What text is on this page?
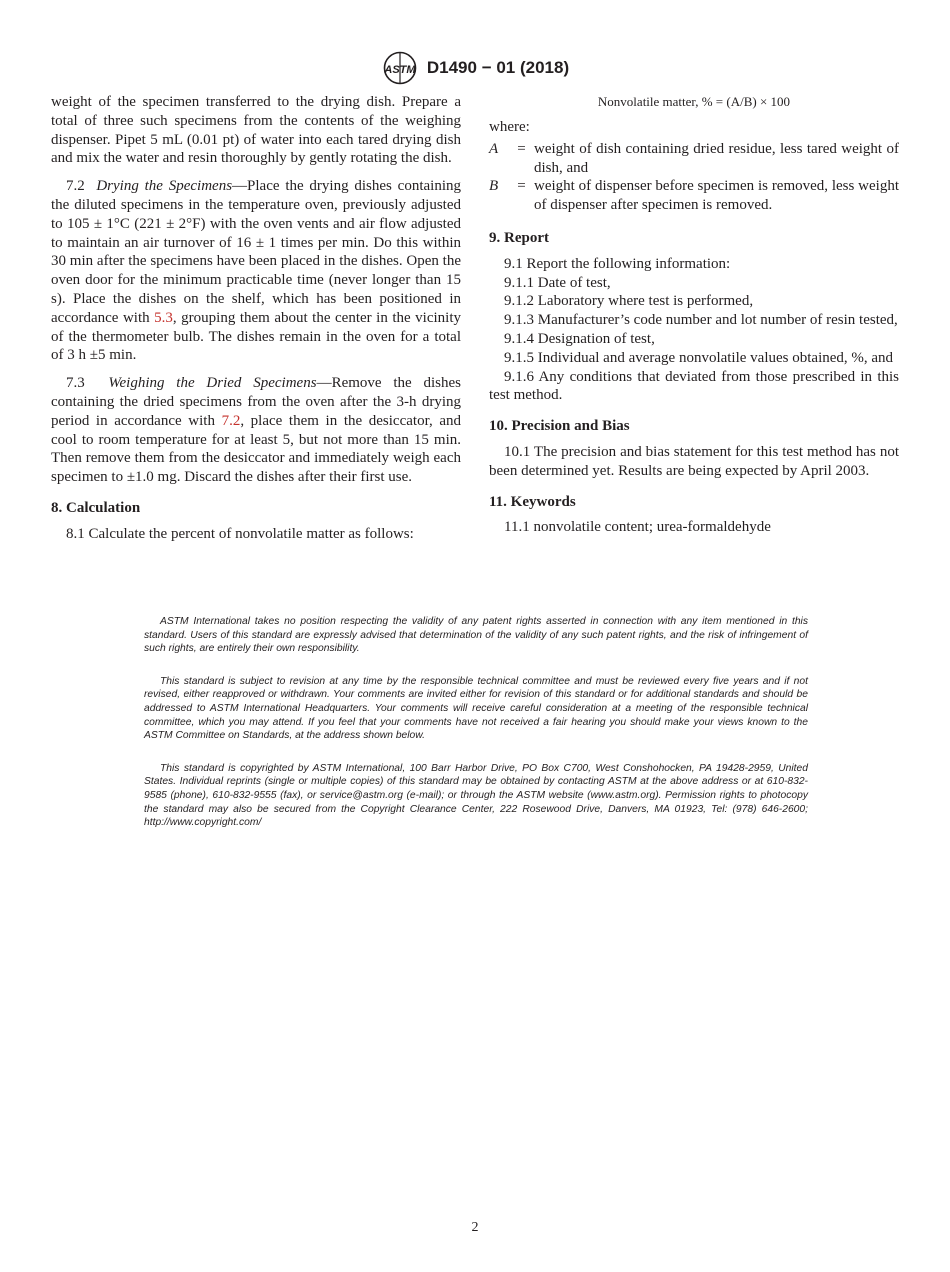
ASTM D1490 − 01 (2018)

weight of the specimen transferred to the drying dish. Prepare a total of three such specimens from the contents of the weighing dispenser. Pipet 5 mL (0.01 pt) of water into each tared drying dish and mix the water and resin thoroughly by gently rotating the dish.

7.2 Drying the Specimens—Place the drying dishes containing the diluted specimens in the temperature oven, previously adjusted to 105 ± 1°C (221 ± 2°F) with the oven vents and air flow adjusted to maintain an air turnover of 16 ± 1 times per min. Do this within 30 min after the specimens have been placed in the dishes. Open the oven door for the minimum practicable time (never longer than 15 s). Place the dishes on the shelf, which has been positioned in accordance with 5.3, grouping them about the center in the vicinity of the thermometer bulb. The dishes remain in the oven for a total of 3 h ±5 min.

7.3 Weighing the Dried Specimens—Remove the dishes containing the dried specimens from the oven after the 3-h drying period in accordance with 7.2, place them in the desiccator, and cool to room temperature for at least 5, but not more than 15 min. Then remove them from the desiccator and immediately weigh each specimen to ±1.0 mg. Discard the dishes after their first use.

8. Calculation

8.1 Calculate the percent of nonvolatile matter as follows:

Nonvolatile matter, % = (A/B) × 100

where:

A	= weight of dish containing dried residue, less tared weight of dish, and
B	= weight of dispenser before specimen is removed, less weight of dispenser after specimen is removed.
9. Report

9.1 Report the following information:

9.1.1 Date of test,

9.1.2 Laboratory where test is performed,

9.1.3 Manufacturer’s code number and lot number of resin tested,

9.1.4 Designation of test,

9.1.5 Individual and average nonvolatile values obtained, %, and

9.1.6 Any conditions that deviated from those prescribed in this test method.

10. Precision and Bias

10.1 The precision and bias statement for this test method has not been determined yet. Results are being expected by April 2003.

11. Keywords

11.1 nonvolatile content; urea-formaldehyde

ASTM International takes no position respecting the validity of any patent rights asserted in connection with any item mentioned in this standard. Users of this standard are expressly advised that determination of the validity of any such patent rights, and the risk of infringement of such rights, are entirely their own responsibility.

This standard is subject to revision at any time by the responsible technical committee and must be reviewed every five years and if not revised, either reapproved or withdrawn. Your comments are invited either for revision of this standard or for additional standards and should be addressed to ASTM International Headquarters. Your comments will receive careful consideration at a meeting of the responsible technical committee, which you may attend. If you feel that your comments have not received a fair hearing you should make your views known to the ASTM Committee on Standards, at the address shown below.

This standard is copyrighted by ASTM International, 100 Barr Harbor Drive, PO Box C700, West Conshohocken, PA 19428-2959, United States. Individual reprints (single or multiple copies) of this standard may be obtained by contacting ASTM at the above address or at 610-832-9585 (phone), 610-832-9555 (fax), or service@astm.org (e-mail); or through the ASTM website (www.astm.org). Permission rights to photocopy the standard may also be secured from the Copyright Clearance Center, 222 Rosewood Drive, Danvers, MA 01923, Tel: (978) 646-2600; http://www.copyright.com/

2
